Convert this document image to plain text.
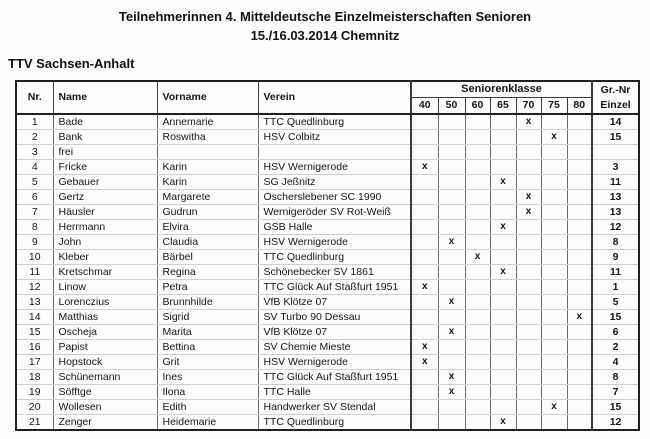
Teilnehmerinnen 4. Mitteldeutsche Einzelmeisterschaften Senioren
15./16.03.2014 Chemnitz
TTV Sachsen-Anhalt
Nr.	Name	Vorname	Verein	Seniorenklasse							Gr.-Nr
Einzel

				40	50	60	65	70	75	80	
1	Bade	Annemarie	TTC Quedlinburg					x			14
2	Bank	Roswitha	HSV Colbitz						x		15
3	frei										
4	Fricke	Karin	HSV Wernigerode	x							3
5	Gebauer	Karin	SG Jeßnitz				x				11
6	Gertz	Margarete	Oscherslebener SC 1990					x			13
7	Häusler	Gudrun	Wernigeröder SV Rot-Weiß					x			13
8	Herrmann	Elvira	GSB Halle				x				12
9	John	Claudia	HSV Wernigerode		x						8
10	Kleber	Bärbel	TTC Quedlinburg			x					9
11	Kretschmar	Regina	Schönebecker SV 1861				x				11
12	Linow	Petra	TTC Glück Auf Staßfurt 1951	x							1
13	Lorenczius	Brunnhilde	VfB Klötze 07		x						5
14	Matthias	Sigrid	SV Turbo 90 Dessau							x	15
15	Oscheja	Marita	VfB Klötze 07		x						6
16	Papist	Bettina	SV Chemie Mieste	x							2
17	Hopstock	Grit	HSV Wernigerode	x							4
18	Schünemann	Ines	TTC Glück Auf Staßfurt 1951		x						8
19	Söfftge	Ilona	TTC Halle		x						7
20	Wollesen	Edith	Handwerker SV Stendal						x		15
21	Zenger	Heidemarie	TTC Quedlinburg				x				12
